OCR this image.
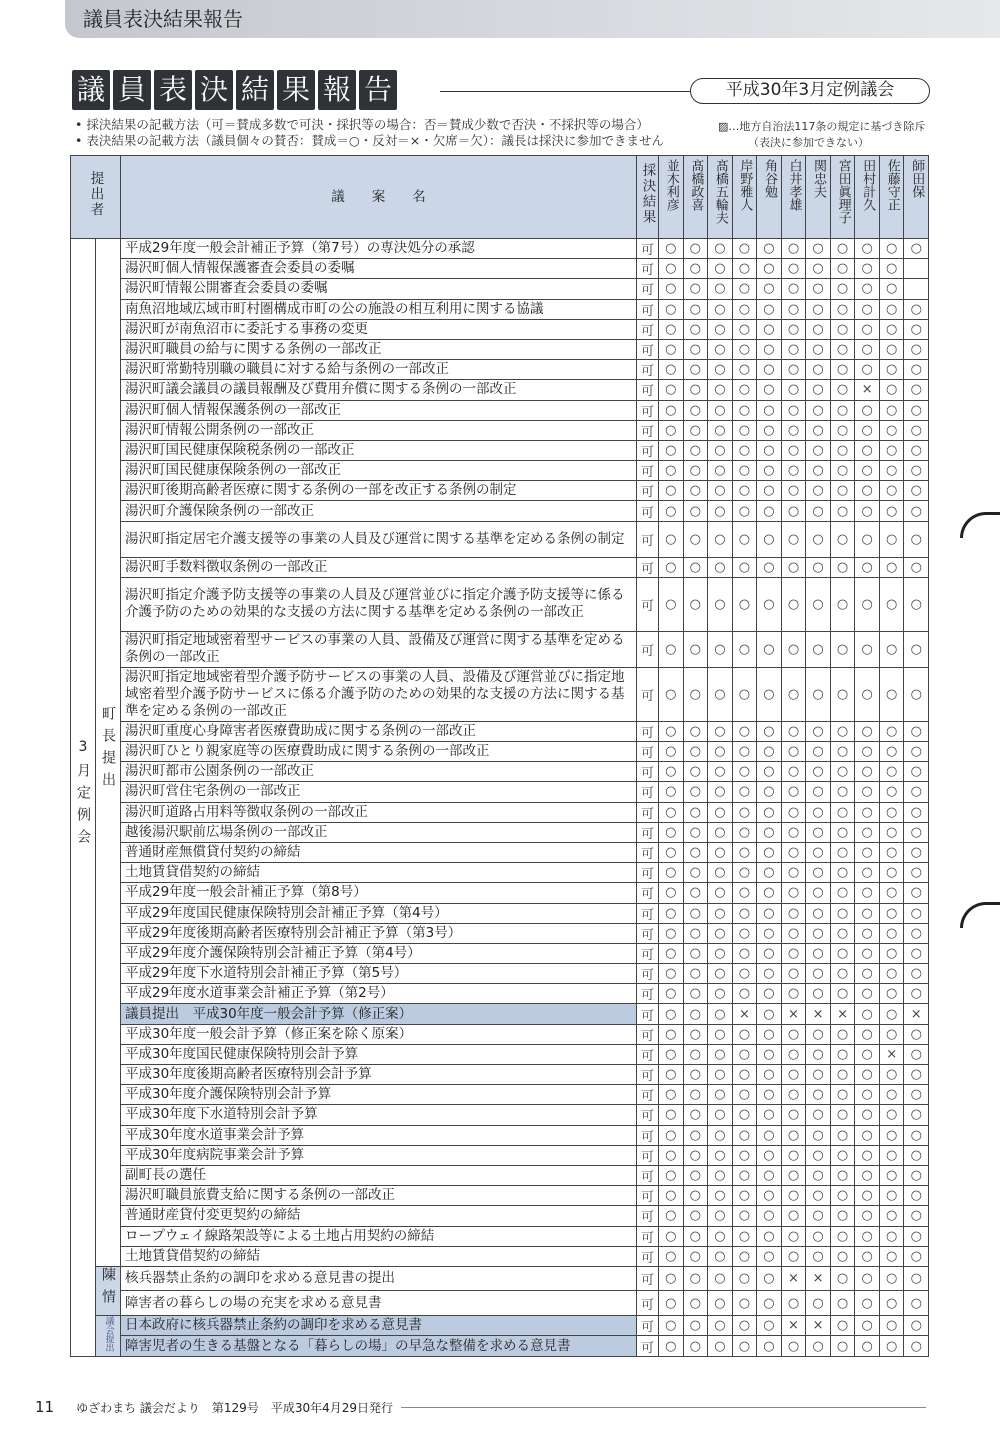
議員表決結果報告
議 員 表 決 結 果 報 告	平成30年3月定例議会
• 採決結果の記載方法（可＝賛成多数で可決・採択等の場合：否＝賛成少数で否決・不採択等の場合）
• 表決結果の記載方法（議員個々の賛否：賛成＝○・反対＝×・欠席＝欠）：議長は採決に参加できません
▨…地方自治法117条の規定に基づき除斥
（表決に参加できない）
提出者		議　　案　　名	採決結果	並木利彦	髙橋政喜	髙橋五輪夫	岸野雅人	角谷勉	白井孝雄	関忠夫	宮田眞理子	田村計久	佐藤守正	師田保
3月定例会	町長提出	平成29年度一般会計補正予算（第7号）の専決処分の承認	可	○	○	○	○	○	○	○	○	○	○	○
		湯沢町個人情報保護審査会委員の委嘱	可	○	○	○	○	○	○	○	○	○	○	

		湯沢町情報公開審査会委員の委嘱	可	○	○	○	○	○	○	○	○	○	○	

		南魚沼地域広域市町村圏構成市町の公の施設の相互利用に関する協議	可	○	○	○	○	○	○	○	○	○	○	○
		湯沢町が南魚沼市に委託する事務の変更	可	○	○	○	○	○	○	○	○	○	○	○
		湯沢町職員の給与に関する条例の一部改正	可	○	○	○	○	○	○	○	○	○	○	○
		湯沢町常勤特別職の職員に対する給与条例の一部改正	可	○	○	○	○	○	○	○	○	○	○	○
		湯沢町議会議員の議員報酬及び費用弁償に関する条例の一部改正	可	○	○	○	○	○	○	○	○	×	○	○
		湯沢町個人情報保護条例の一部改正	可	○	○	○	○	○	○	○	○	○	○	○
		湯沢町情報公開条例の一部改正	可	○	○	○	○	○	○	○	○	○	○	○
		湯沢町国民健康保険税条例の一部改正	可	○	○	○	○	○	○	○	○	○	○	○
		湯沢町国民健康保険条例の一部改正	可	○	○	○	○	○	○	○	○	○	○	○
		湯沢町後期高齢者医療に関する条例の一部を改正する条例の制定	可	○	○	○	○	○	○	○	○	○	○	○
		湯沢町介護保険条例の一部改正	可	○	○	○	○	○	○	○	○	○	○	○
		湯沢町指定居宅介護支援等の事業の人員及び運営に関する基準を定める条例の制定	可	○	○	○	○	○	○	○	○	○	○	○
		湯沢町手数料徴収条例の一部改正	可	○	○	○	○	○	○	○	○	○	○	○
		湯沢町指定介護予防支援等の事業の人員及び運営並びに指定介護予防支援等に係る介護予防のための効果的な支援の方法に関する基準を定める条例の一部改正	可	○	○	○	○	○	○	○	○	○	○	○
		湯沢町指定地域密着型サービスの事業の人員、設備及び運営に関する基準を定める条例の一部改正	可	○	○	○	○	○	○	○	○	○	○	○
		湯沢町指定地域密着型介護予防サービスの事業の人員、設備及び運営並びに指定地域密着型介護予防サービスに係る介護予防のための効果的な支援の方法に関する基準を定める条例の一部改正	可	○	○	○	○	○	○	○	○	○	○	○
		湯沢町重度心身障害者医療費助成に関する条例の一部改正	可	○	○	○	○	○	○	○	○	○	○	○
		湯沢町ひとり親家庭等の医療費助成に関する条例の一部改正	可	○	○	○	○	○	○	○	○	○	○	○
		湯沢町都市公園条例の一部改正	可	○	○	○	○	○	○	○	○	○	○	○
		湯沢町営住宅条例の一部改正	可	○	○	○	○	○	○	○	○	○	○	○
		湯沢町道路占用料等徴収条例の一部改正	可	○	○	○	○	○	○	○	○	○	○	○
		越後湯沢駅前広場条例の一部改正	可	○	○	○	○	○	○	○	○	○	○	○
		普通財産無償貸付契約の締結	可	○	○	○	○	○	○	○	○	○	○	○
		土地賃貸借契約の締結	可	○	○	○	○	○	○	○	○	○	○	○
		平成29年度一般会計補正予算（第8号）	可	○	○	○	○	○	○	○	○	○	○	○
		平成29年度国民健康保険特別会計補正予算（第4号）	可	○	○	○	○	○	○	○	○	○	○	○
		平成29年度後期高齢者医療特別会計補正予算（第3号）	可	○	○	○	○	○	○	○	○	○	○	○
		平成29年度介護保険特別会計補正予算（第4号）	可	○	○	○	○	○	○	○	○	○	○	○
		平成29年度下水道特別会計補正予算（第5号）	可	○	○	○	○	○	○	○	○	○	○	○
		平成29年度水道事業会計補正予算（第2号）	可	○	○	○	○	○	○	○	○	○	○	○
		議員提出　平成30年度一般会計予算（修正案）	可	○	○	○	×	○	×	×	×	○	○	×
		平成30年度一般会計予算（修正案を除く原案）	可	○	○	○	○	○	○	○	○	○	○	○
		平成30年度国民健康保険特別会計予算	可	○	○	○	○	○	○	○	○	○	×	○
		平成30年度後期高齢者医療特別会計予算	可	○	○	○	○	○	○	○	○	○	○	○
		平成30年度介護保険特別会計予算	可	○	○	○	○	○	○	○	○	○	○	○
		平成30年度下水道特別会計予算	可	○	○	○	○	○	○	○	○	○	○	○
		平成30年度水道事業会計予算	可	○	○	○	○	○	○	○	○	○	○	○
		平成30年度病院事業会計予算	可	○	○	○	○	○	○	○	○	○	○	○
		副町長の選任	可	○	○	○	○	○	○	○	○	○	○	○
		湯沢町職員旅費支給に関する条例の一部改正	可	○	○	○	○	○	○	○	○	○	○	○
		普通財産貸付変更契約の締結	可	○	○	○	○	○	○	○	○	○	○	○
		ロープウェイ線路架設等による土地占用契約の締結	可	○	○	○	○	○	○	○	○	○	○	○
		土地賃貸借契約の締結	可	○	○	○	○	○	○	○	○	○	○	○
	陳情	核兵器禁止条約の調印を求める意見書の提出	可	○	○	○	○	○	×	×	○	○	○	○
		障害者の暮らしの場の充実を求める意見書	可	○	○	○	○	○	○	○	○	○	○	○
	議会提出	日本政府に核兵器禁止条約の調印を求める意見書	可	○	○	○	○	○	×	×	○	○	○	○
		障害児者の生きる基盤となる「暮らしの場」の早急な整備を求める意見書	可	○	○	○	○	○	○	○	○	○	○	○
11 ゆざわまち 議会だより　第129号　平成30年4月29日発行
